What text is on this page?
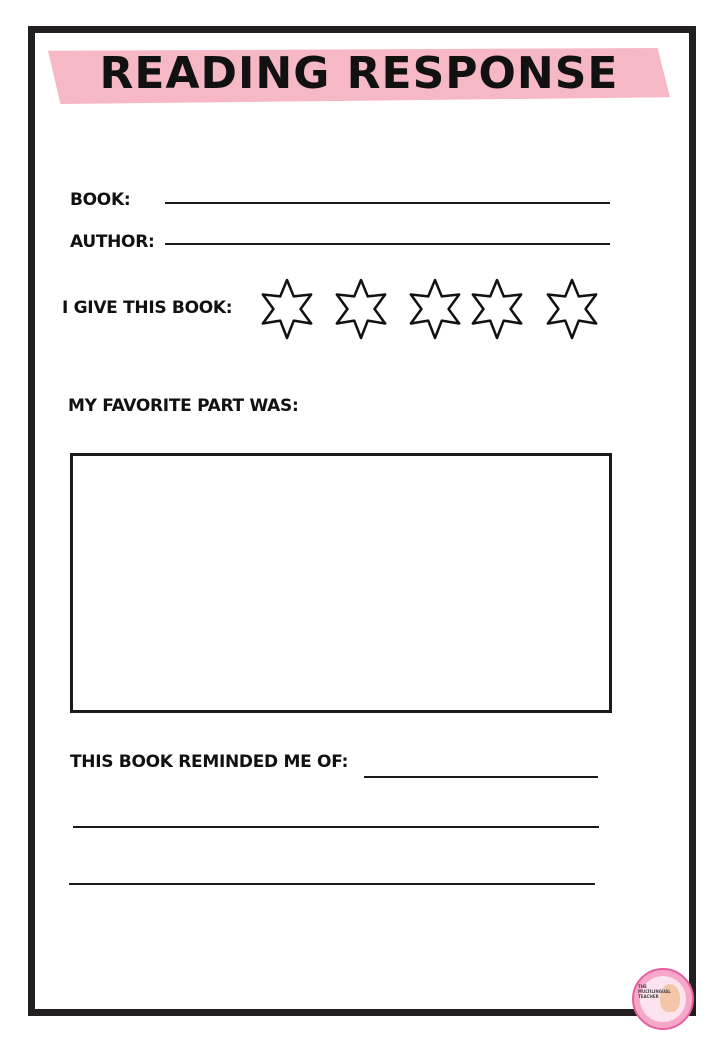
READING RESPONSE
BOOK:
AUTHOR:
I GIVE THIS BOOK:
MY FAVORITE PART WAS:
THIS BOOK REMINDED ME OF:
THE MULTILINGUAL TEACHER
